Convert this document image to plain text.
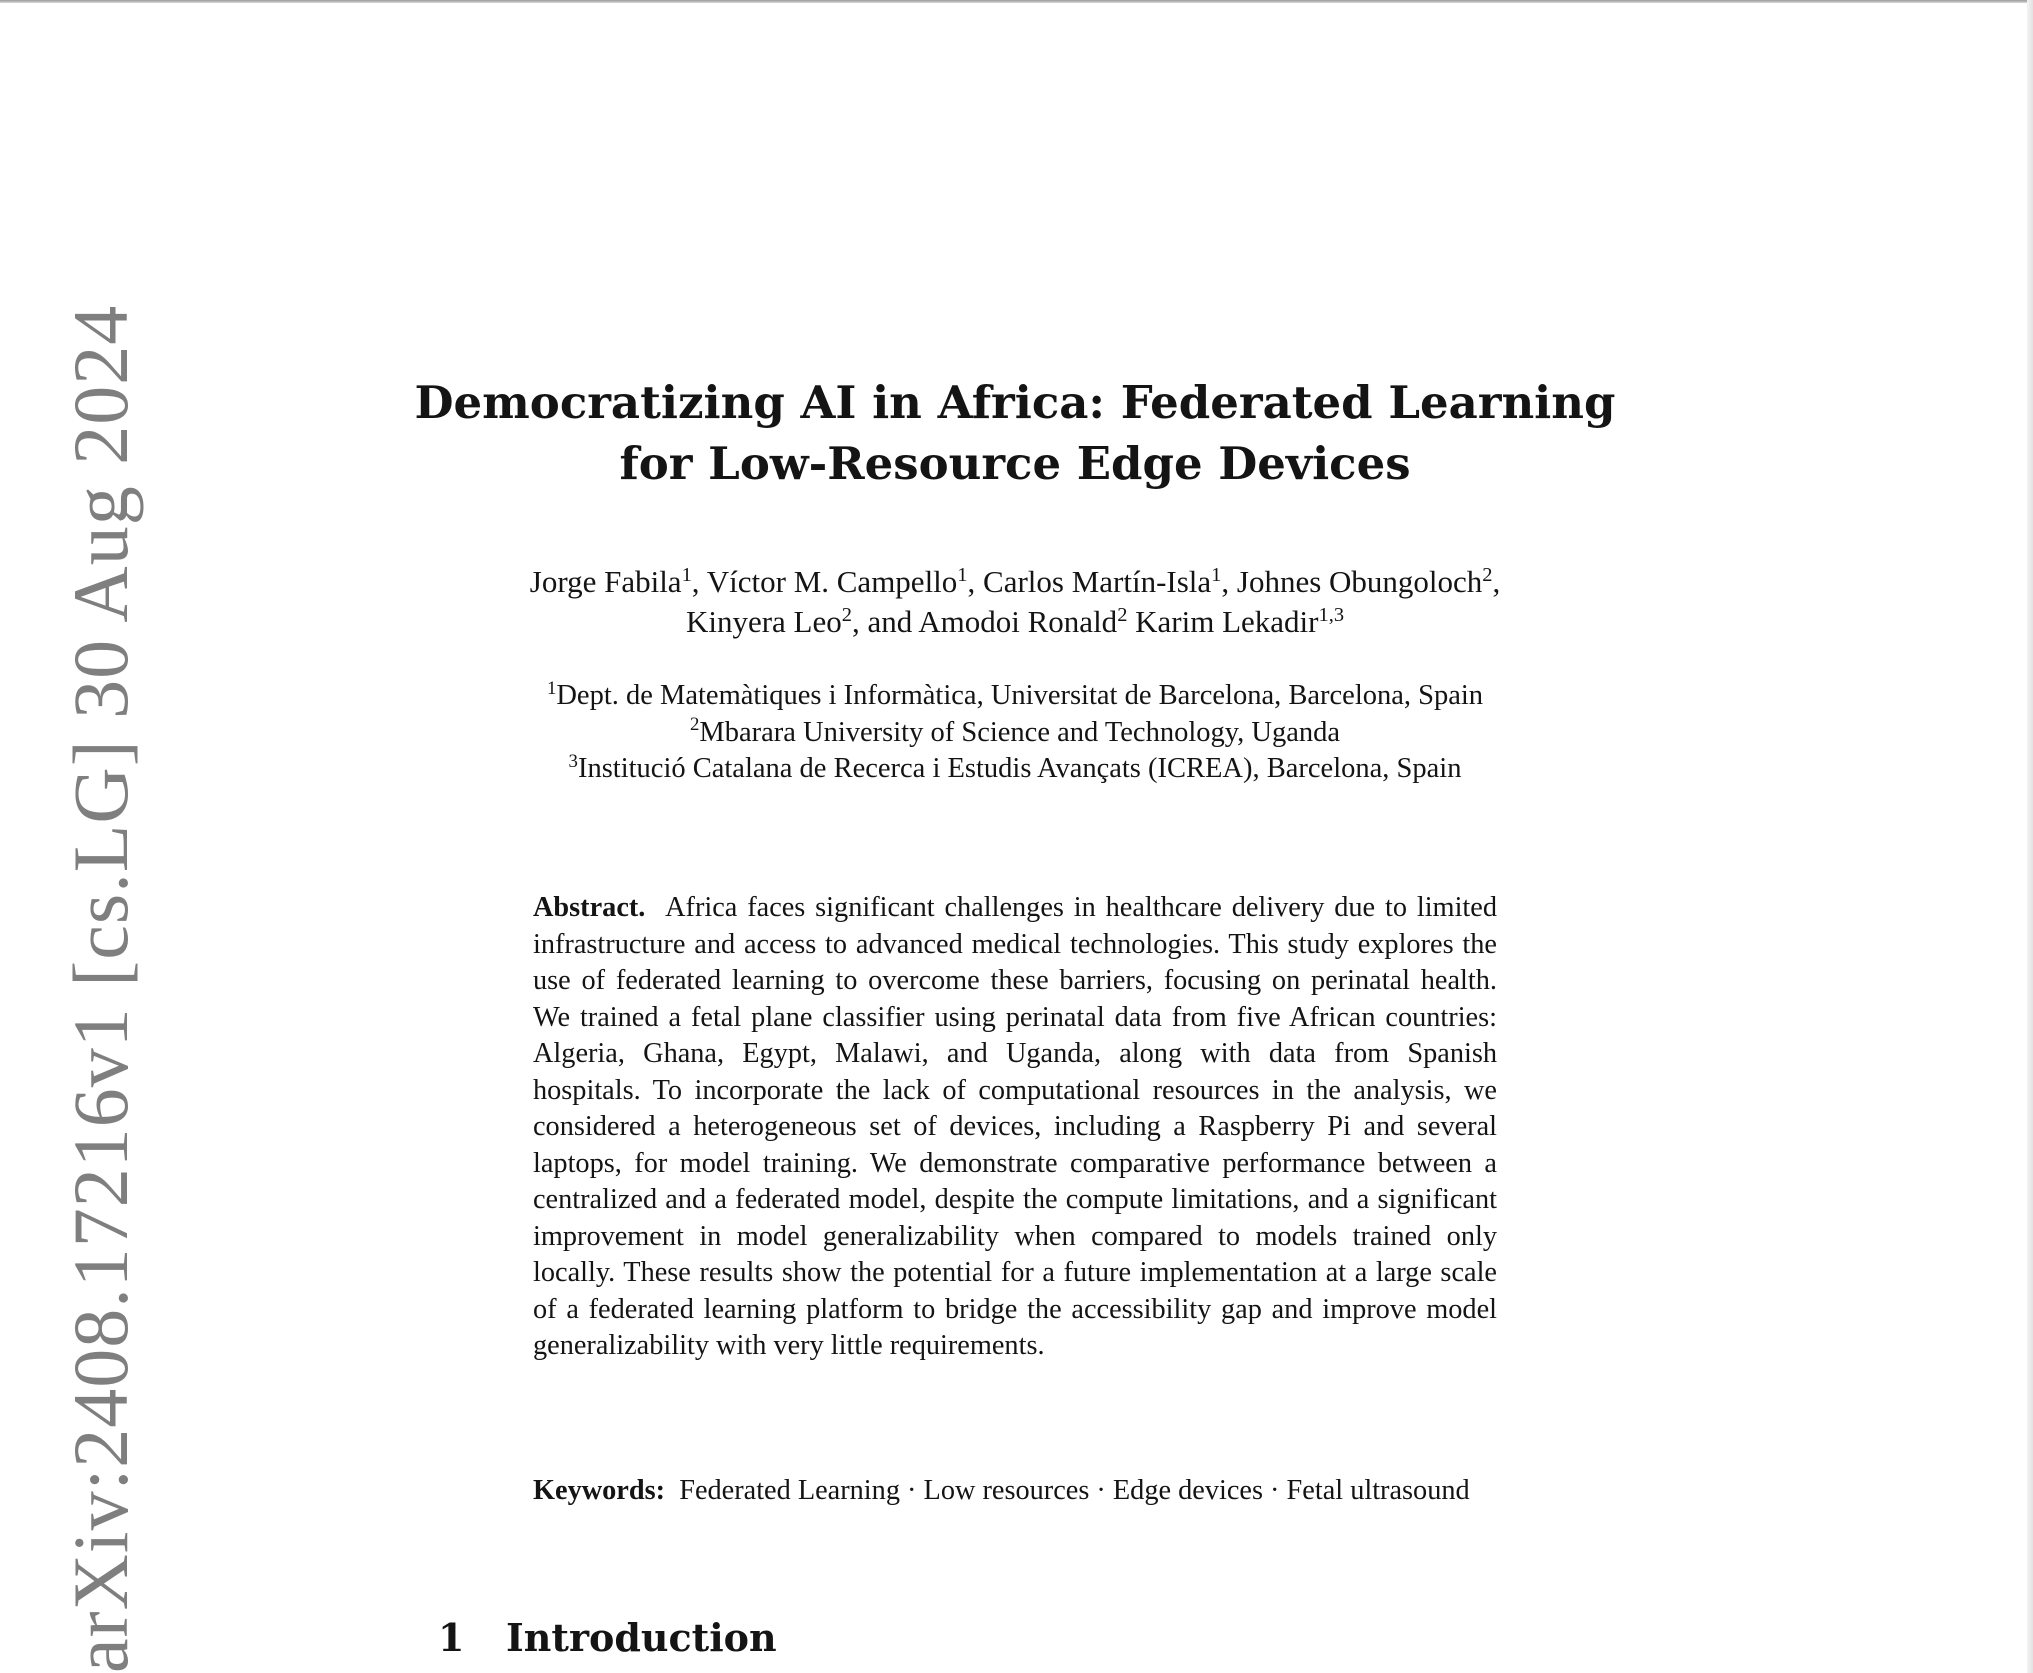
arXiv:2408.17216v1 [cs.LG] 30 Aug 2024	Democratizing AI in Africa: Federated Learning
for Low-Resource Edge Devices

Jorge Fabila$^1$, Víctor M. Campello$^1$, Carlos Martín-Isla$^1$, Johnes Obungoloch$^2$,
Kinyera Leo$^2$, and Amodoi Ronald$^2$ Karim Lekadir$^{1,3}$

$^1$Dept. de Matemàtiques i Informàtica, Universitat de Barcelona, Barcelona, Spain
$^2$Mbarara University of Science and Technology, Uganda
$^3$Institució Catalana de Recerca i Estudis Avançats (ICREA), Barcelona, Spain

Abstract. Africa faces significant challenges in healthcare delivery due to limited infrastructure and access to advanced medical technologies. This study explores the use of federated learning to overcome these barriers, focusing on perinatal health. We trained a fetal plane classifier using perinatal data from five African countries: Algeria, Ghana, Egypt, Malawi, and Uganda, along with data from Spanish hospitals. To incorporate the lack of computational resources in the analysis, we considered a heterogeneous set of devices, including a Raspberry Pi and several laptops, for model training. We demonstrate comparative performance between a centralized and a federated model, despite the compute limitations, and a significant improvement in model generalizability when compared to models trained only locally. These results show the potential for a future implementation at a large scale of a federated learning platform to bridge the accessibility gap and improve model generalizability with very little requirements.

Keywords: Federated Learning · Low resources · Edge devices · Fetal ultrasound

1 Introduction
